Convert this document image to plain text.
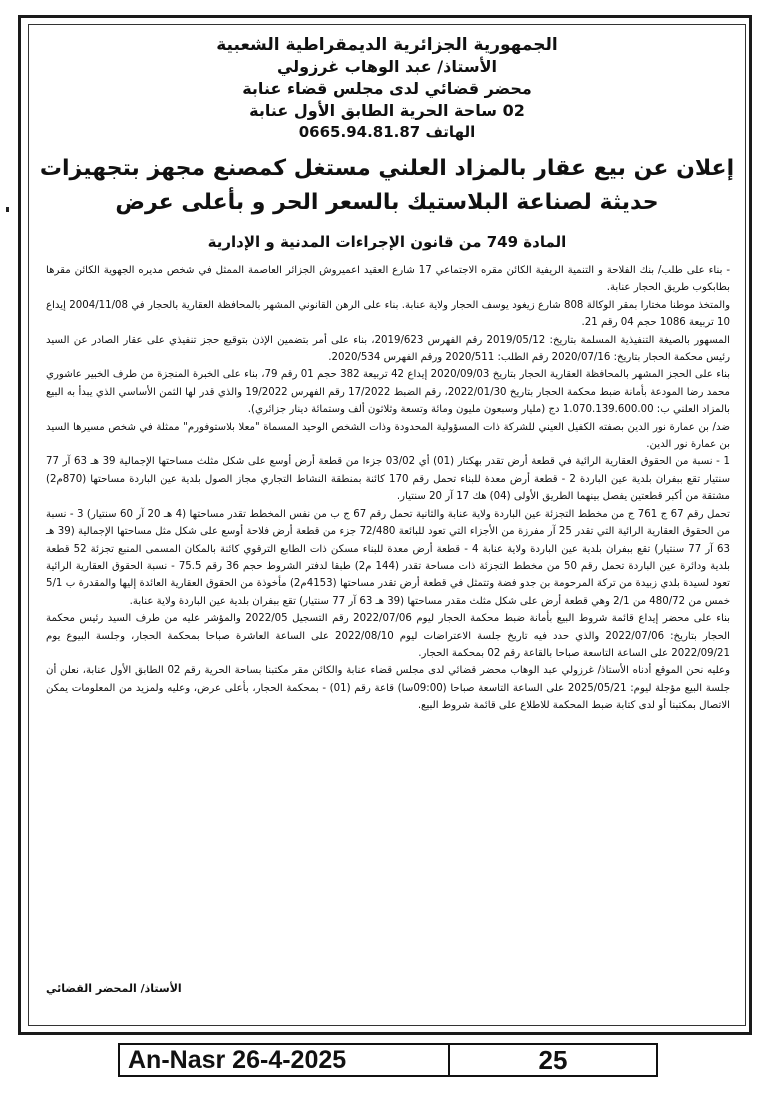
الجمهورية الجزائرية الديمقراطية الشعبية

الأستاذ/ عبد الوهاب غرزولي

محضر قضائي لدى مجلس قضاء عنابة

02 ساحة الحرية الطابق الأول عنابة

الهاتف 0665.94.81.87

إعلان عن بيع عقار بالمزاد العلني مستغل كمصنع مجهز بتجهيزات
حديثة لصناعة البلاستيك بالسعر الحر و بأعلى عرض

المادة 749 من قانون الإجراءات المدنية و الإدارية

- بناء على طلب/ بنك الفلاحة و التنمية الريفية الكائن مقره الاجتماعي 17 شارع العقيد اعميروش الجزائر العاصمة الممثل في شخص مديره الجهوية الكائن مقرها بطابكوب طريق الحجار عنابة.

والمتخذ موطنا مختارا بمقر الوكالة 808 شارع زيغود يوسف الحجار ولاية عنابة. بناء على الرهن القانوني المشهر بالمحافظة العقارية بالحجار في 2004/11/08 إيداع 10 تربيعة 1086 حجم 04 رقم 21.

المسهور بالصيغة التنفيذية المسلمة بتاريخ: 2019/05/12 رقم الفهرس 2019/623، بناء على أمر بتضمين الإذن بتوقيع حجز تنفيذي على عقار الصادر عن السيد رئيس محكمة الحجار بتاريخ: 2020/07/16 رقم الطلب: 2020/511 ورقم الفهرس 2020/534.

بناء على الحجز المشهر بالمحافظة العقارية الحجار بتاريخ 2020/09/03 إيداع 42 تربيعة 382 حجم 01 رقم 79، بناء على الخبرة المنجزة من طرف الخبير عاشوري محمد رضا المودعة بأمانة ضبط محكمة الحجار بتاريخ 2022/01/30، رقم الضبط 17/2022 رقم الفهرس 19/2022 والذي قدر لها الثمن الأساسي الذي يبدأ به البيع بالمزاد العلني ب: 1.070.139.600.00 دج (مليار وسبعون مليون ومائة وتسعة وثلاثون ألف وستمائة دينار جزائري).

ضد/ بن عمارة نور الدين بصفته الكفيل العيني للشركة ذات المسؤولية المحدودة وذات الشخص الوحيد المسماة "معلا بلاستوفورم" ممثلة في شخص مسيرها السيد بن عمارة نور الدين.

1 - نسبة من الحقوق العقارية الرائية في قطعة أرض تقدر بهكتار (01) أي 03/02 جزءا من قطعة أرض أوسع على شكل مثلث مساحتها الإجمالية 39 هـ 63 آر 77 سنتيار تقع ببفران بلدية عين الباردة 2 - قطعة أرض معدة للبناء تحمل رقم 170 كائنة بمنطقة النشاط التجاري مجاز الصول بلدية عين الباردة مساحتها (870م2) مشتقة من أكبر قطعتين يفصل بينهما الطريق الأولى (04) هك 17 آر 20 سنتيار.

تحمل رقم 67 ج 761 ج من مخطط التجزئة عين الباردة ولاية عنابة والثانية تحمل رقم 67 ج ب من نفس المخطط تقدر مساحتها (4 هـ 20 آر 60 سنتيار) 3 - نسبة من الحقوق العقارية الرائية التي تقدر 25 آر مفرزة من الأجزاء التي تعود للبائعة 72/480 جزء من قطعة أرض فلاحة أوسع على شكل مثل مساحتها الإجمالية (39 هـ 63 آر 77 سنتيار) تقع ببفران بلدية عين الباردة ولاية عنابة 4 - قطعة أرض معدة للبناء مسكن ذات الطابع الترقوي كائنة بالمكان المسمى المنبع تجزئة 52 قطعة بلدية ودائرة عين الباردة تحمل رقم 50 من مخطط التجزئة ذات مساحة تقدر (144 م2) طبقا لدفتر الشروط حجم 36 رقم 75.5 - نسبة الحقوق العقارية الرائية تعود لسيدة بلدي زبيدة من تركة المرحومة بن جدو فضة وتتمثل في قطعة أرض تقدر مساحتها (4153م2) مأخوذة من الحقوق العقارية العائدة إليها والمقدرة ب 5/1 خمس من 480/72 من 2/1 وهي قطعة أرض على شكل مثلث مقدر مساحتها (39 هـ 63 آر 77 سنتيار) تقع ببفران بلدية عين الباردة ولاية عنابة.

بناء على محضر إيداع قائمة شروط البيع بأمانة ضبط محكمة الحجار ليوم 2022/07/06 رقم التسجيل 2022/05 والمؤشر عليه من طرف السيد رئيس محكمة الحجار بتاريخ: 2022/07/06 والذي حدد فيه تاريخ جلسة الاعتراضات ليوم 2022/08/10 على الساعة العاشرة صباحا بمحكمة الحجار، وجلسة البيوع يوم 2022/09/21 على الساعة التاسعة صباحا بالقاعة رقم 02 بمحكمة الحجار.

وعليه نحن الموقع أدناه الأستاذ/ غرزولي عبد الوهاب محضر قضائي لدى مجلس قضاء عنابة والكائن مقر مكتبنا بساحة الحرية رقم 02 الطابق الأول عنابة، نعلن أن جلسة البيع مؤجلة ليوم: 2025/05/21 على الساعة التاسعة صباحا (09:00سا) قاعة رقم (01) - بمحكمة الحجار، بأعلى عرض، وعليه ولمزيد من المعلومات يمكن الاتصال بمكتبنا أو لدى كتابة ضبط المحكمة للاطلاع على قائمة شروط البيع.

الأستاذ/ المحضر القضائي
An-Nasr 26-4-2025	25
